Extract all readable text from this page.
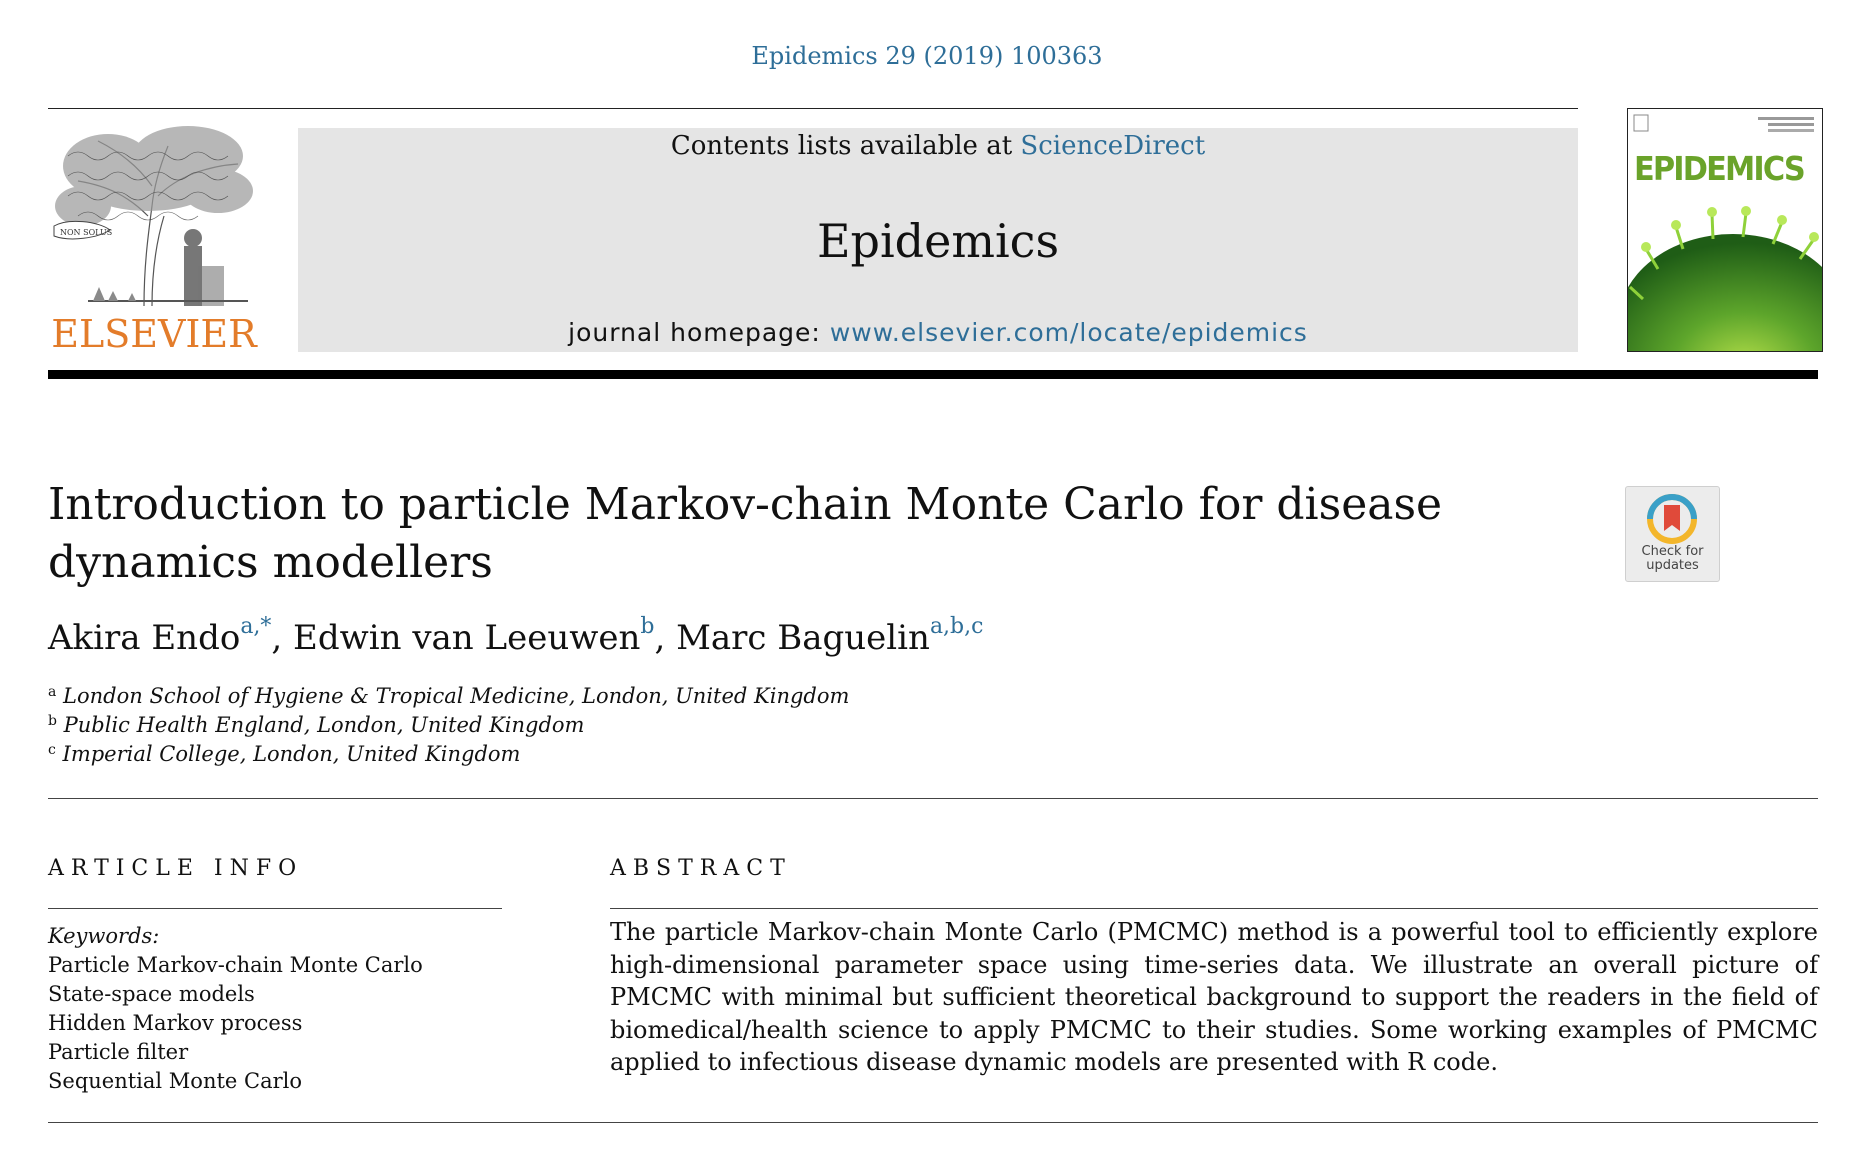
Epidemics 29 (2019) 100363
NON SOLUS
ELSEVIER
Contents lists available at ScienceDirect
Epidemics
journal homepage: www.elsevier.com/locate/epidemics
EPIDEMICS
Introduction to particle Markov-chain Monte Carlo for disease dynamics modellers	Check for updates
Akira Endo$^{a,*}$, Edwin van Leeuwen$^b$, Marc Baguelin$^{a,b,c}$
$^a$ London School of Hygiene & Tropical Medicine, London, United Kingdom
$^b$ Public Health England, London, United Kingdom
$^c$ Imperial College, London, United Kingdom
ARTICLE INFO
Keywords:
Particle Markov-chain Monte Carlo
State-space models
Hidden Markov process
Particle filter
Sequential Monte Carlo
ABSTRACT
The particle Markov-chain Monte Carlo (PMCMC) method is a powerful tool to efficiently explore high-dimensional parameter space using time-series data. We illustrate an overall picture of PMCMC with minimal but sufficient theoretical background to support the readers in the field of biomedical/health science to apply PMCMC to their studies. Some working examples of PMCMC applied to infectious disease dynamic models are presented with R code.
